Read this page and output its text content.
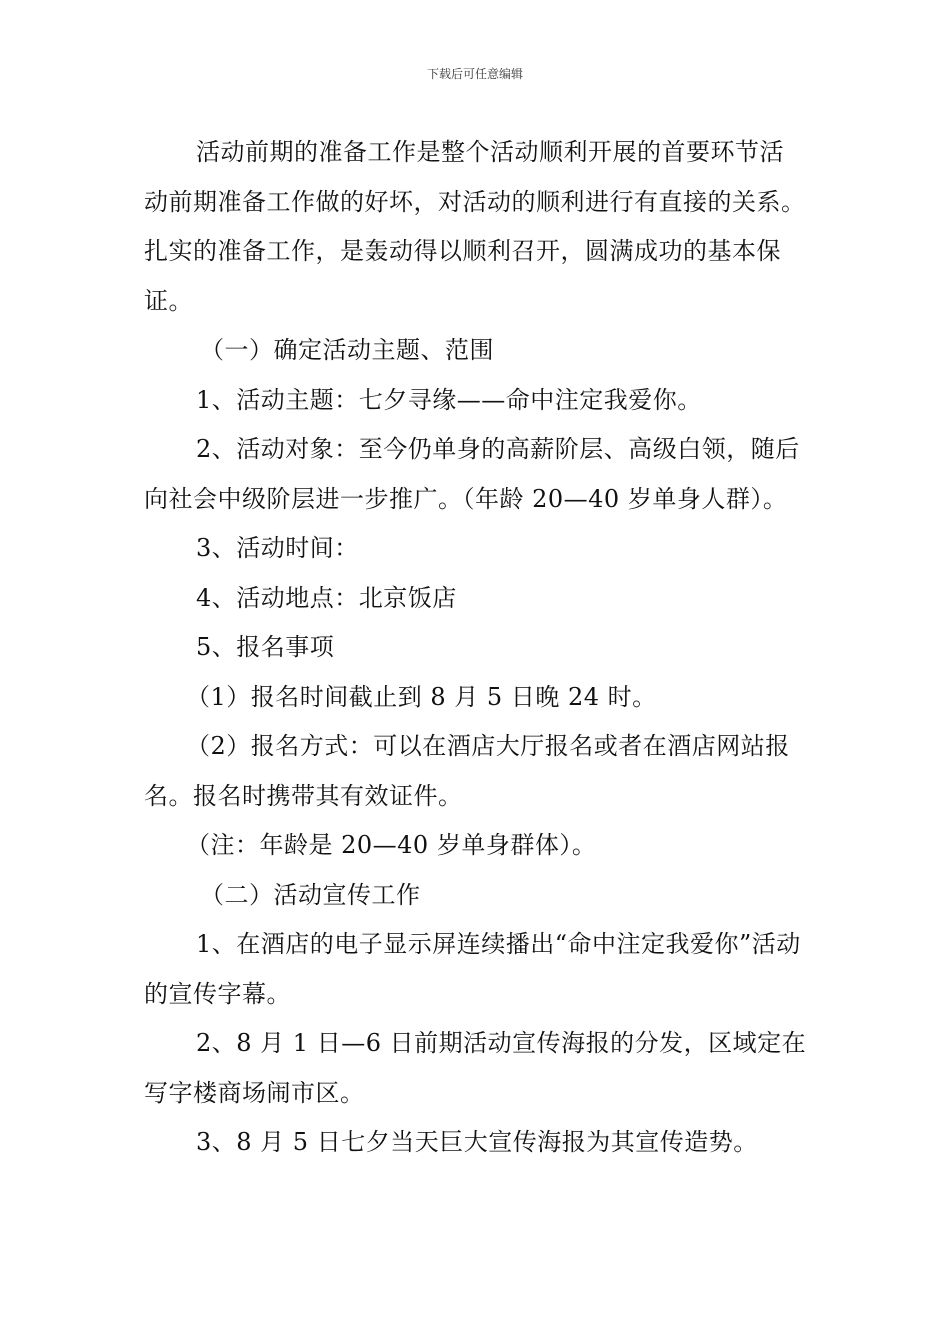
下载后可任意编辑

活动前期的准备工作是整个活动顺利开展的首要环节活动前期准备工作做的好坏，对活动的顺利进行有直接的关系。扎实的准备工作，是轰动得以顺利召开，圆满成功的基本保证。

（一）确定活动主题、范围

1、活动主题：七夕寻缘——命中注定我爱你。

2、活动对象：至今仍单身的高薪阶层、高级白领，随后向社会中级阶层进一步推广。（年龄 20—40 岁单身人群）。

3、活动时间：

4、活动地点：北京饭店

5、报名事项

（1）报名时间截止到 8 月 5 日晚 24 时。

（2）报名方式：可以在酒店大厅报名或者在酒店网站报名。报名时携带其有效证件。

（注：年龄是 20—40 岁单身群体）。

（二）活动宣传工作

1、在酒店的电子显示屏连续播出“命中注定我爱你”活动的宣传字幕。

2、8 月 1 日—6 日前期活动宣传海报的分发，区域定在写字楼商场闹市区。

3、8 月 5 日七夕当天巨大宣传海报为其宣传造势。
